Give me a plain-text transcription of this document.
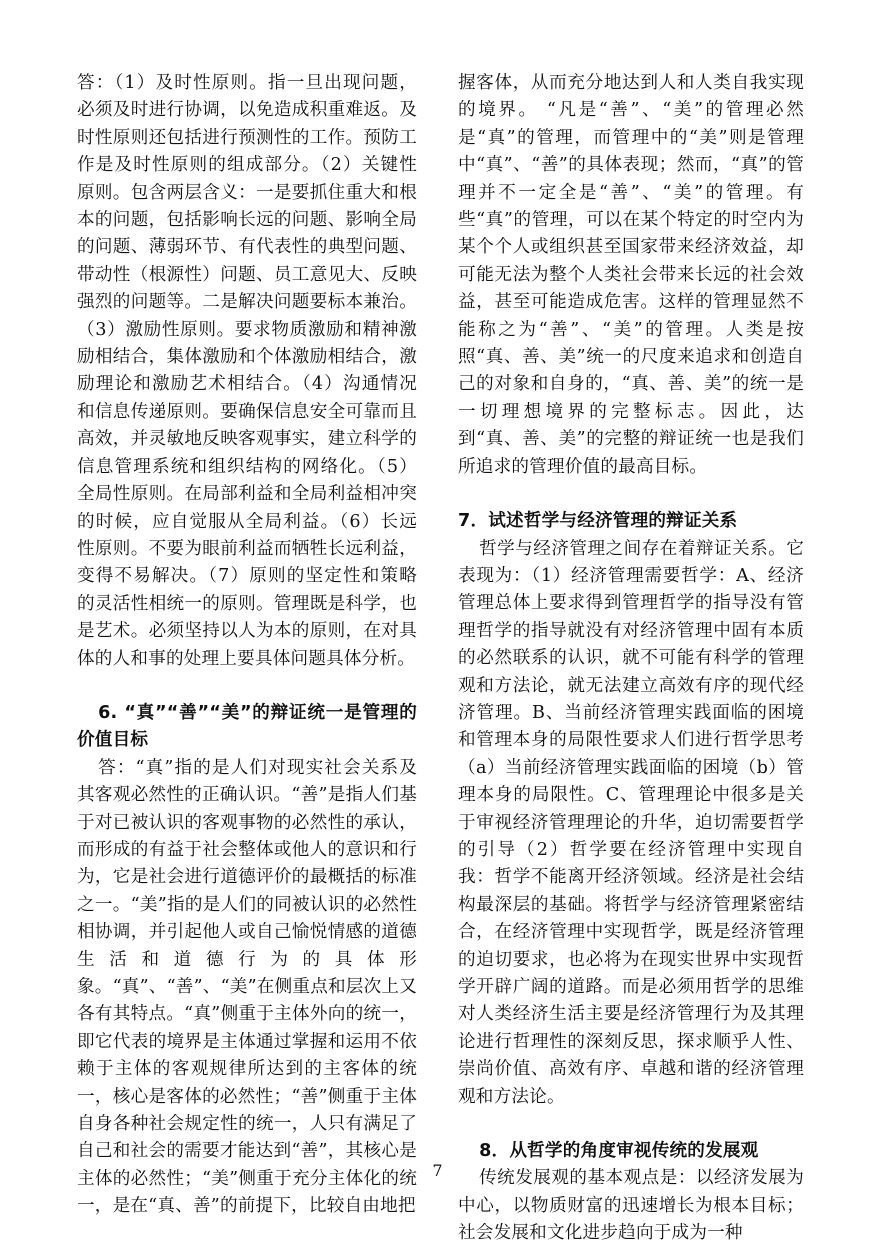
答：（1）及时性原则。指一旦出现问题，必须及时进行协调，以免造成积重难返。及时性原则还包括进行预测性的工作。预防工作是及时性原则的组成部分。（2）关键性原则。包含两层含义：一是要抓住重大和根本的问题，包括影响长远的问题、影响全局的问题、薄弱环节、有代表性的典型问题、带动性（根源性）问题、员工意见大、反映强烈的问题等。二是解决问题要标本兼治。（3）激励性原则。要求物质激励和精神激励相结合，集体激励和个体激励相结合，激励理论和激励艺术相结合。（4）沟通情况和信息传递原则。要确保信息安全可靠而且高效，并灵敏地反映客观事实，建立科学的信息管理系统和组织结构的网络化。（5）全局性原则。在局部利益和全局利益相冲突的时候，应自觉服从全局利益。（6）长远性原则。不要为眼前利益而牺牲长远利益，变得不易解决。（7）原则的坚定性和策略的灵活性相统一的原则。管理既是科学，也是艺术。必须坚持以人为本的原则，在对具体的人和事的处理上要具体问题具体分析。

6. “真”“善”“美”的辩证统一是管理的价值目标

答：“真”指的是人们对现实社会关系及其客观必然性的正确认识。“善”是指人们基于对已被认识的客观事物的必然性的承认，而形成的有益于社会整体或他人的意识和行为，它是社会进行道德评价的最概括的标准之一。“美”指的是人们的同被认识的必然性相协调，并引起他人或自己愉悦情感的道德生活和道德行为的具体形象。“真”、“善”、“美”在侧重点和层次上又各有其特点。“真”侧重于主体外向的统一，即它代表的境界是主体通过掌握和运用不依赖于主体的客观规律所达到的主客体的统一，核心是客体的必然性；“善”侧重于主体自身各种社会规定性的统一，人只有满足了自己和社会的需要才能达到“善”，其核心是主体的必然性；“美”侧重于充分主体化的统一，是在“真、善”的前提下，比较自由地把

握客体，从而充分地达到人和人类自我实现的境界。 “凡是“善”、“美”的管理必然是“真”的管理，而管理中的“美”则是管理中“真”、“善”的具体表现；然而，“真”的管理并不一定全是“善”、“美”的管理。有些“真”的管理，可以在某个特定的时空内为某个个人或组织甚至国家带来经济效益，却可能无法为整个人类社会带来长远的社会效益，甚至可能造成危害。这样的管理显然不能称之为“善”、“美”的管理。人类是按照“真、善、美”统一的尺度来追求和创造自己的对象和自身的，“真、善、美”的统一是一切理想境界的完整标志。因此，达到“真、善、美”的完整的辩证统一也是我们所追求的管理价值的最高目标。

7．试述哲学与经济管理的辩证关系

哲学与经济管理之间存在着辩证关系。它表现为：（1）经济管理需要哲学：A、经济管理总体上要求得到管理哲学的指导没有管理哲学的指导就没有对经济管理中固有本质的必然联系的认识，就不可能有科学的管理观和方法论，就无法建立高效有序的现代经济管理。B、当前经济管理实践面临的困境和管理本身的局限性要求人们进行哲学思考（a）当前经济管理实践面临的困境（b）管理本身的局限性。C、管理理论中很多是关于审视经济管理理论的升华，迫切需要哲学的引导（2）哲学要在经济管理中实现自我：哲学不能离开经济领域。经济是社会结构最深层的基础。将哲学与经济管理紧密结合，在经济管理中实现哲学，既是经济管理的迫切要求，也必将为在现实世界中实现哲学开辟广阔的道路。而是必须用哲学的思维对人类经济生活主要是经济管理行为及其理论进行哲理性的深刻反思，探求顺乎人性、崇尚价值、高效有序、卓越和谐的经济管理观和方法论。

8．从哲学的角度审视传统的发展观

传统发展观的基本观点是：以经济发展为中心，以物质财富的迅速增长为根本目标；社会发展和文化进步趋向于成为一种

7
